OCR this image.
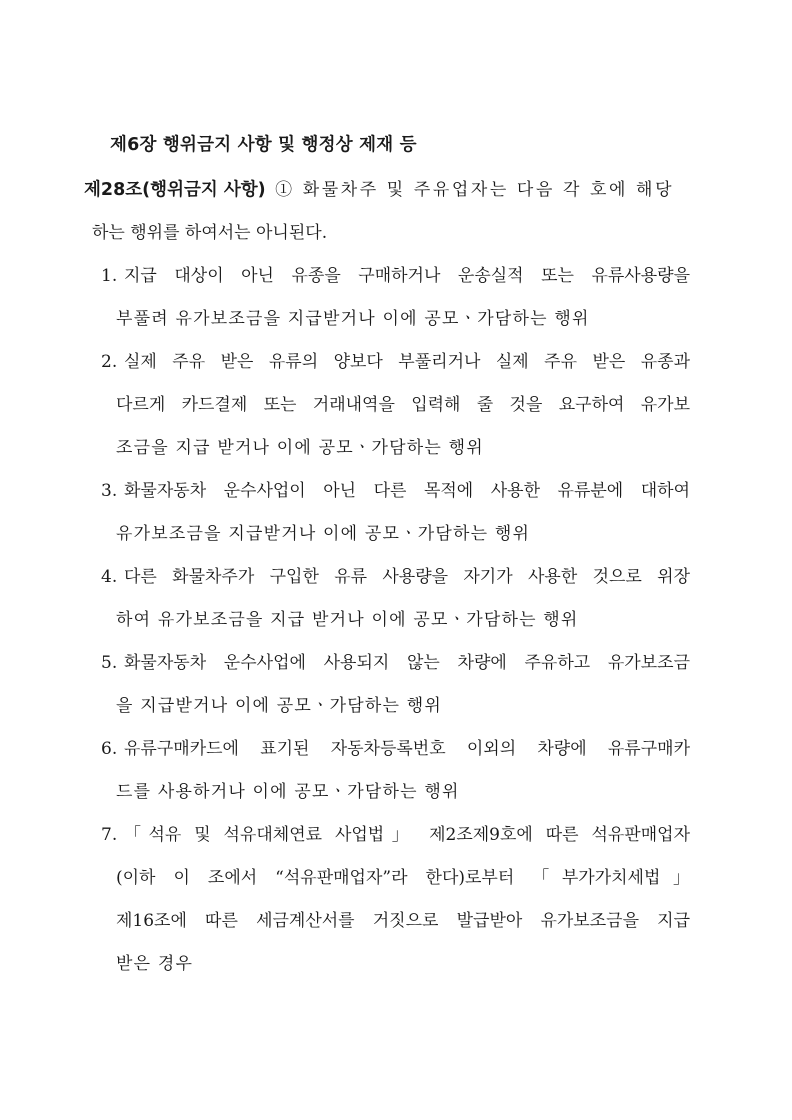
제6장 행위금지 사항 및 행정상 제재 등
제28조(행위금지 사항) ① 화물차주 및 주유업자는 다음 각 호에 해당
하는 행위를 하여서는 아니된다.
1. 지급 대상이 아닌 유종을 구매하거나 운송실적 또는 유류사용량을
부풀려 유가보조금을 지급받거나 이에 공모ㆍ가담하는 행위
2. 실제 주유 받은 유류의 양보다 부풀리거나 실제 주유 받은 유종과
다르게 카드결제 또는 거래내역을 입력해 줄 것을 요구하여 유가보
조금을 지급 받거나 이에 공모ㆍ가담하는 행위
3. 화물자동차 운수사업이 아닌 다른 목적에 사용한 유류분에 대하여
유가보조금을 지급받거나 이에 공모ㆍ가담하는 행위
4. 다른 화물차주가 구입한 유류 사용량을 자기가 사용한 것으로 위장
하여 유가보조금을 지급 받거나 이에 공모ㆍ가담하는 행위
5. 화물자동차 운수사업에 사용되지 않는 차량에 주유하고 유가보조금
을 지급받거나 이에 공모ㆍ가담하는 행위
6. 유류구매카드에 표기된 자동차등록번호 이외의 차량에 유류구매카
드를 사용하거나 이에 공모ㆍ가담하는 행위
7. 「석유 및 석유대체연료 사업법」 제2조제9호에 따른 석유판매업자
(이하 이 조에서 “석유판매업자”라 한다)로부터 「부가가치세법」
제16조에 따른 세금계산서를 거짓으로 발급받아 유가보조금을 지급
받은 경우
